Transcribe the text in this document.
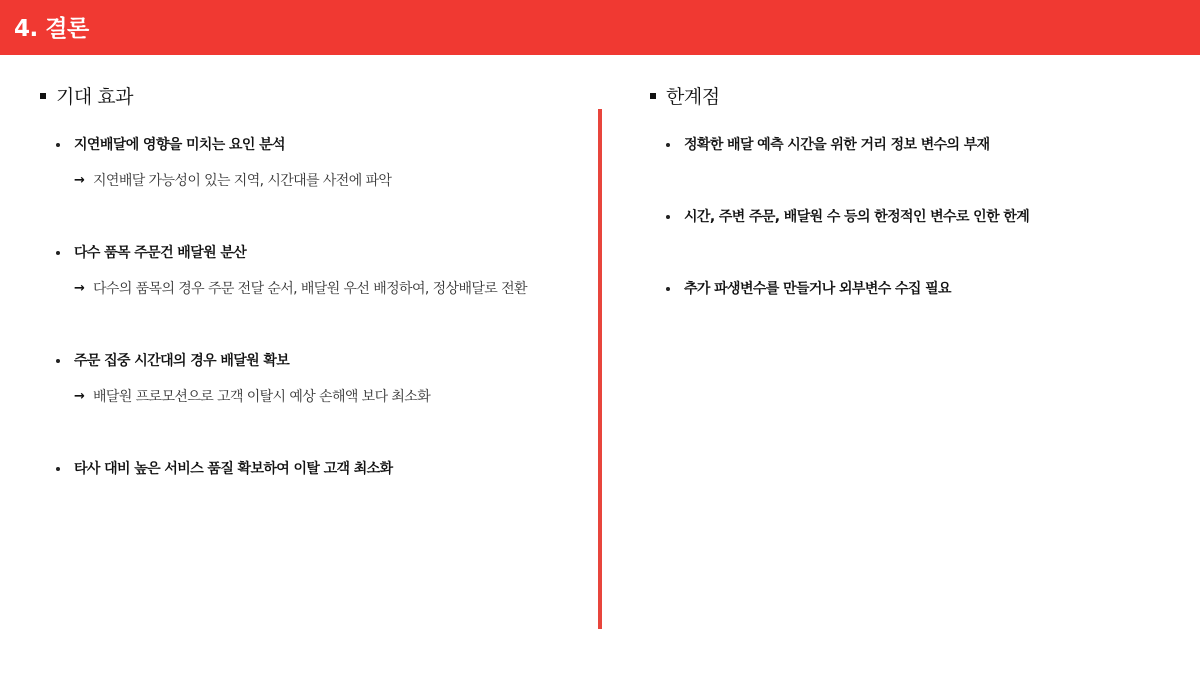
4. 결론
기대 효과
지연배달에 영향을 미치는 요인 분석
→ 지연배달 가능성이 있는 지역, 시간대를 사전에 파악
다수 품목 주문건 배달원 분산
→ 다수의 품목의 경우 주문 전달 순서, 배달원 우선 배정하여, 정상배달로 전환
주문 집중 시간대의 경우 배달원 확보
→ 배달원 프로모션으로 고객 이탈시 예상 손해액 보다 최소화
타사 대비 높은 서비스 품질 확보하여 이탈 고객 최소화
한계점
정확한 배달 예측 시간을 위한 거리 정보 변수의 부재
시간, 주변 주문, 배달원 수 등의 한정적인 변수로 인한 한계
추가 파생변수를 만들거나 외부변수 수집 필요
